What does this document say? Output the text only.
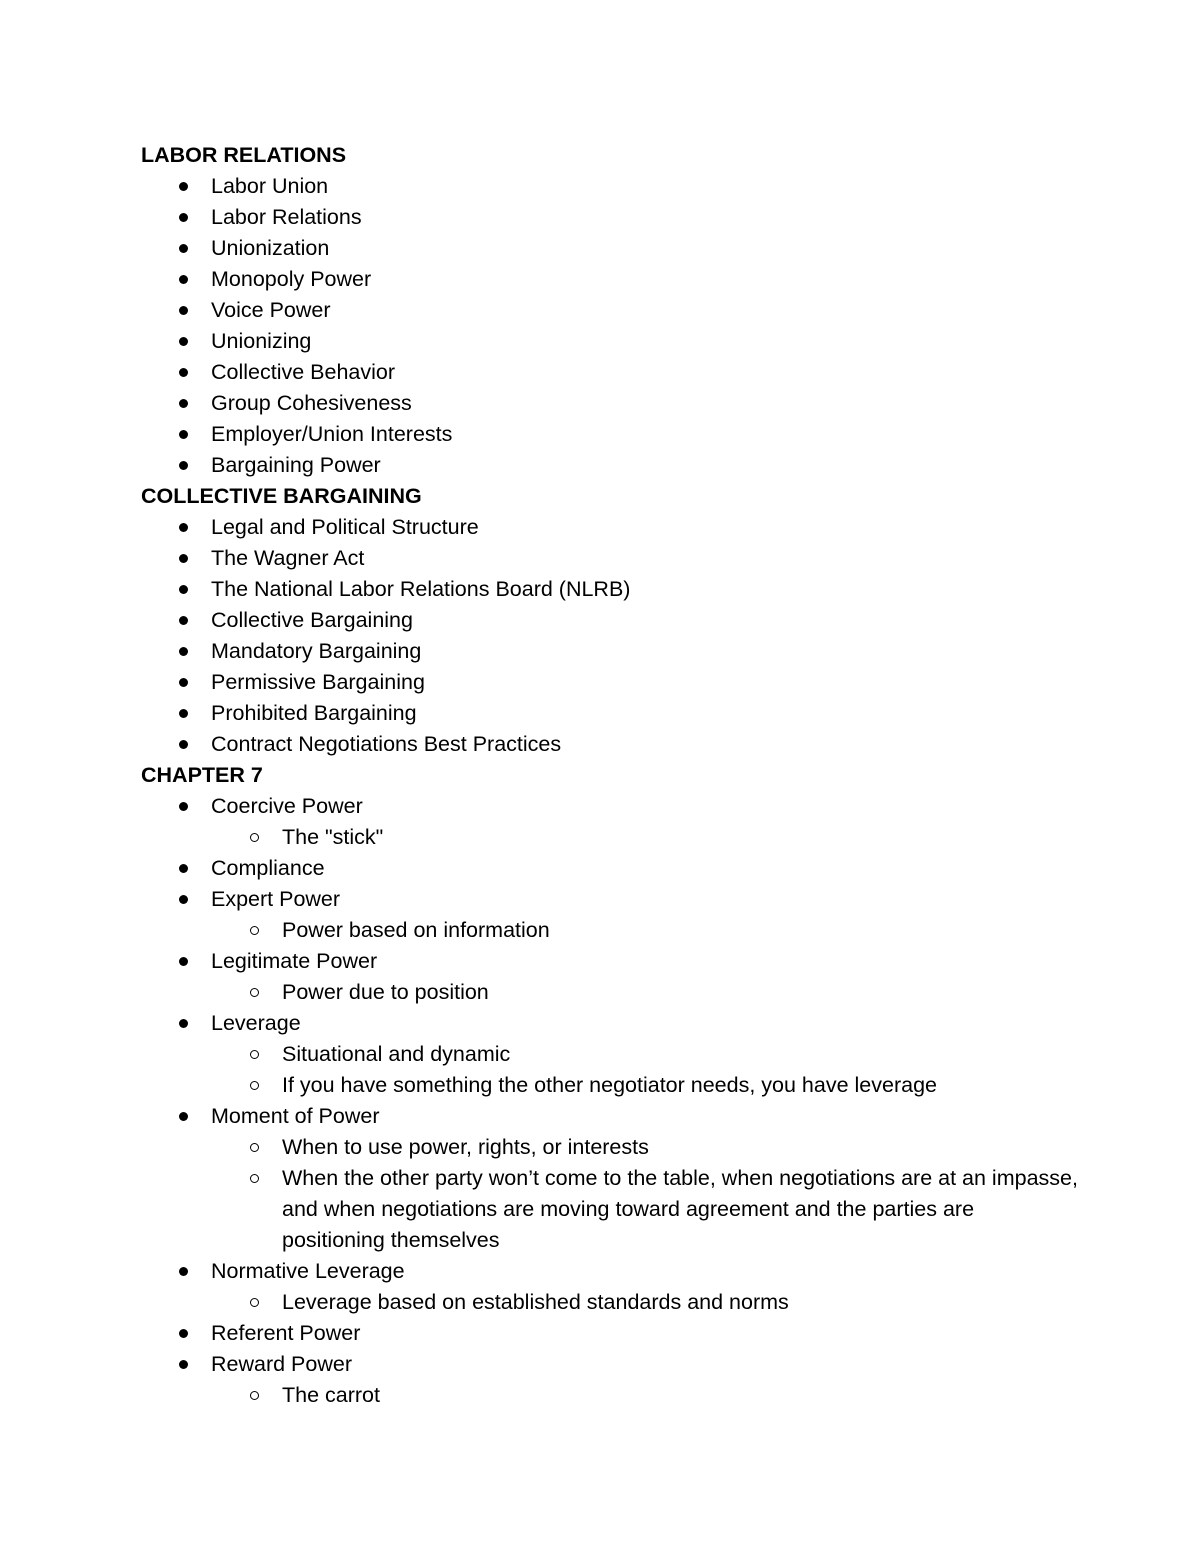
LABOR RELATIONS
Labor Union
Labor Relations
Unionization
Monopoly Power
Voice Power
Unionizing
Collective Behavior
Group Cohesiveness
Employer/Union Interests
Bargaining Power
COLLECTIVE BARGAINING
Legal and Political Structure
The Wagner Act
The National Labor Relations Board (NLRB)
Collective Bargaining
Mandatory Bargaining
Permissive Bargaining
Prohibited Bargaining
Contract Negotiations Best Practices
CHAPTER 7
Coercive Power
The "stick"
Compliance
Expert Power
Power based on information
Legitimate Power
Power due to position
Leverage
Situational and dynamic
If you have something the other negotiator needs, you have leverage
Moment of Power
When to use power, rights, or interests
When the other party won’t come to the table, when negotiations are at an impasse, and when negotiations are moving toward agreement and the parties are positioning themselves
Normative Leverage
Leverage based on established standards and norms
Referent Power
Reward Power
The carrot
